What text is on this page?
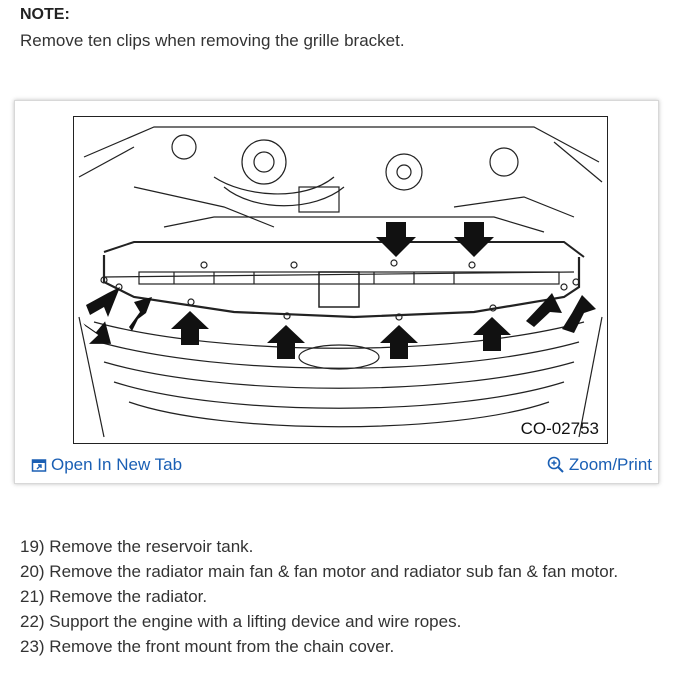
NOTE:
Remove ten clips when removing the grille bracket.
CO-02753
Open In New Tab	Zoom/Print
19) Remove the reservoir tank.
20) Remove the radiator main fan & fan motor and radiator sub fan & fan motor.
21) Remove the radiator.
22) Support the engine with a lifting device and wire ropes.
23) Remove the front mount from the chain cover.
